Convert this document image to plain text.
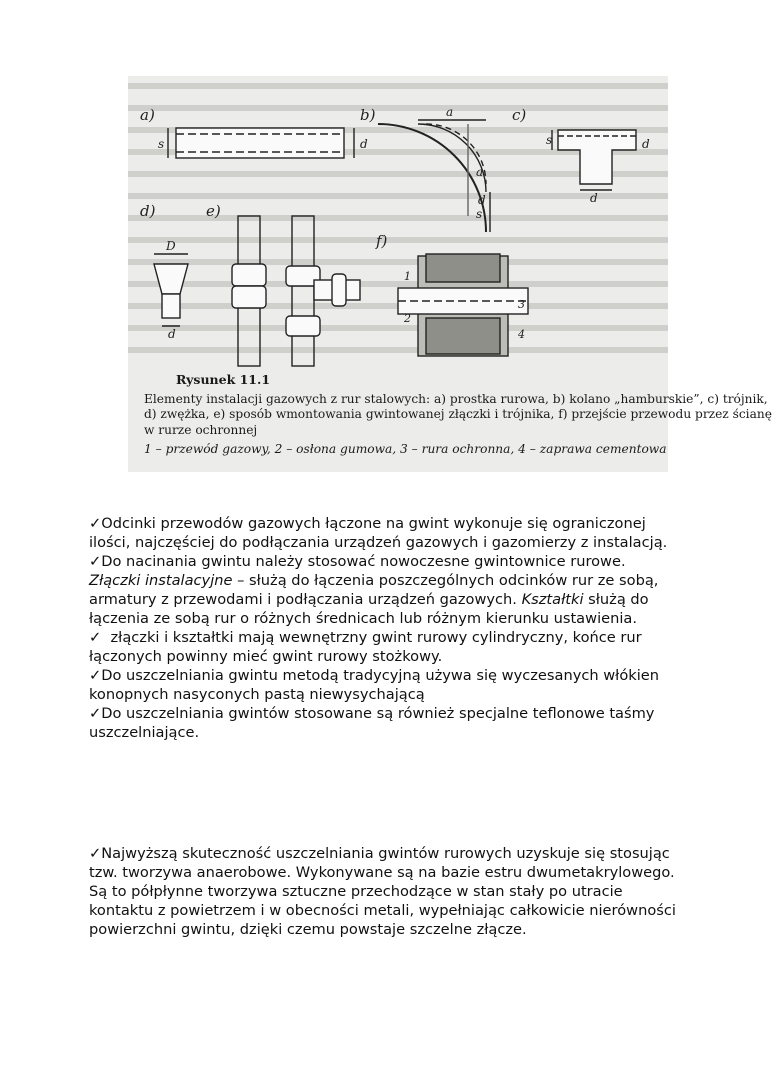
a)
s	d
b)	a
a
d
s
c)
s	d
d
d)
D
d
e)
f)
1
2
3
4
Rysunek 11.1
Elementy instalacji gazowych z rur stalowych: a) prostka rurowa, b) kolano „hamburskie”, c) trójnik,
d) zwężka, e) sposób wmontowania gwintowanej złączki i trójnika, f) przejście przewodu przez ścianę
w rurze ochronnej
1 – przewód gazowy, 2 – osłona gumowa, 3 – rura ochronna, 4 – zaprawa cementowa

✓ Odcinki przewodów gazowych łączone na gwint wykonuje się ograniczonej ilości, najczęściej do podłączania urządzeń gazowych i gazomierzy z instalacją.

✓ Do nacinania gwintu należy stosować nowoczesne gwintownice rurowe.

Złączki instalacyjne – służą do łączenia poszczególnych odcinków rur ze sobą, armatury z przewodami i podłączania urządzeń gazowych. Kształtki służą do łączenia ze sobą rur o różnych średnicach lub różnym kierunku ustawienia.

✓   złączki i kształtki mają wewnętrzny gwint rurowy cylindryczny, końce rur łączonych powinny mieć gwint rurowy stożkowy.

✓ Do uszczelniania gwintu metodą tradycyjną używa się wyczesanych włókien konopnych nasyconych pastą niewysychającą

✓ Do uszczelniania gwintów stosowane są również specjalne teflonowe taśmy uszczelniające.

✓ Najwyższą skuteczność uszczelniania gwintów rurowych uzyskuje się stosując tzw. tworzywa anaerobowe. Wykonywane są na bazie estru dwumetakrylowego. Są to półpłynne tworzywa sztuczne przechodzące w stan stały po utracie kontaktu z powietrzem i w obecności metali, wypełniając całkowicie nierówności powierzchni gwintu, dzięki czemu powstaje szczelne złącze.
